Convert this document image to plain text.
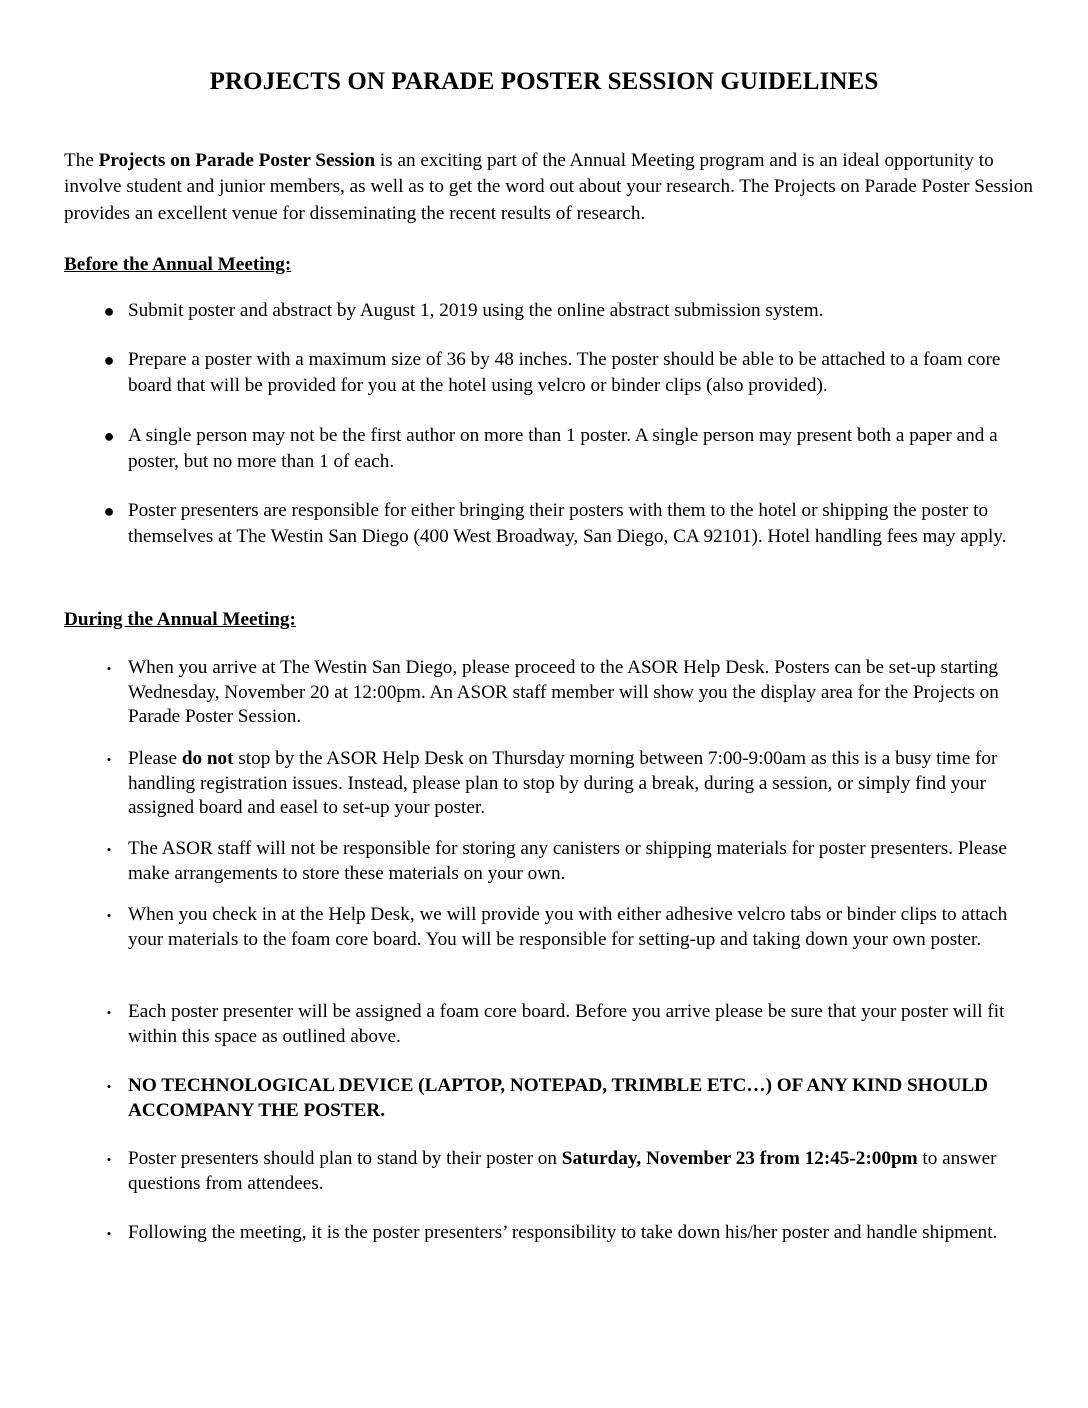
PROJECTS ON PARADE POSTER SESSION GUIDELINES

The Projects on Parade Poster Session is an exciting part of the Annual Meeting program and is an ideal opportunity to involve student and junior members, as well as to get the word out about your research. The Projects on Parade Poster Session provides an excellent venue for disseminating the recent results of research.

Before the Annual Meeting:
● Submit poster and abstract by August 1, 2019 using the online abstract submission system.
● Prepare a poster with a maximum size of 36 by 48 inches. The poster should be able to be attached to a foam core board that will be provided for you at the hotel using velcro or binder clips (also provided).
● A single person may not be the first author on more than 1 poster. A single person may present both a paper and a poster, but no more than 1 of each.
● Poster presenters are responsible for either bringing their posters with them to the hotel or shipping the poster to themselves at The Westin San Diego (400 West Broadway, San Diego, CA 92101). Hotel handling fees may apply.
During the Annual Meeting:
• When you arrive at The Westin San Diego, please proceed to the ASOR Help Desk. Posters can be set-up starting Wednesday, November 20 at 12:00pm. An ASOR staff member will show you the display area for the Projects on Parade Poster Session.
• Please do not stop by the ASOR Help Desk on Thursday morning between 7:00-9:00am as this is a busy time for handling registration issues. Instead, please plan to stop by during a break, during a session, or simply find your assigned board and easel to set-up your poster.
• The ASOR staff will not be responsible for storing any canisters or shipping materials for poster presenters. Please make arrangements to store these materials on your own.
• When you check in at the Help Desk, we will provide you with either adhesive velcro tabs or binder clips to attach your materials to the foam core board. You will be responsible for setting-up and taking down your own poster.
• Each poster presenter will be assigned a foam core board. Before you arrive please be sure that your poster will fit within this space as outlined above.
• NO TECHNOLOGICAL DEVICE (LAPTOP, NOTEPAD, TRIMBLE ETC…) OF ANY KIND SHOULD ACCOMPANY THE POSTER.
• Poster presenters should plan to stand by their poster on Saturday, November 23 from 12:45-2:00pm to answer questions from attendees.
• Following the meeting, it is the poster presenters’ responsibility to take down his/her poster and handle shipment.
